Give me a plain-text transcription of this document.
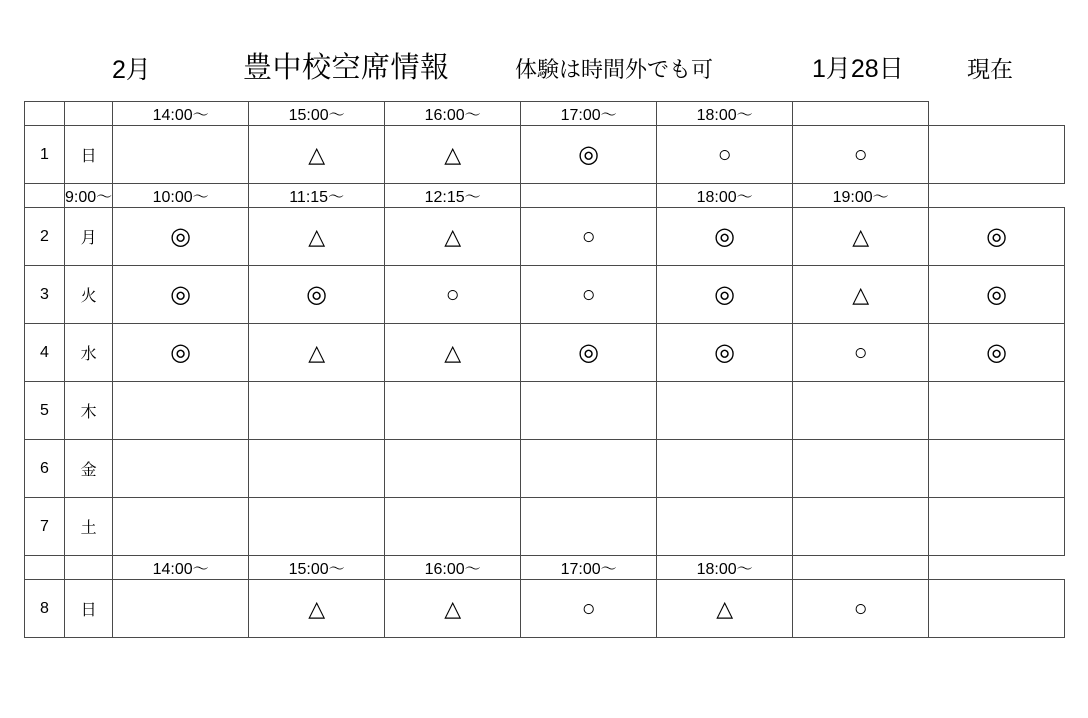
2月	豊中校空席情報	体験は時間外でも可	1月28日	現在
		14:00〜	15:00〜	16:00〜	17:00〜	18:00〜		
1	日		△	△	◎	○	○	
	9:00〜	10:00〜	11:15〜	12:15〜		18:00〜	19:00〜	
2	月	◎	△	△	○	◎	△	◎
3	火	◎	◎	○	○	◎	△	◎
4	水	◎	△	△	◎	◎	○	◎
5	木							
6	金							
7	土							
		14:00〜	15:00〜	16:00〜	17:00〜	18:00〜		
8	日		△	△	○	△	○	
